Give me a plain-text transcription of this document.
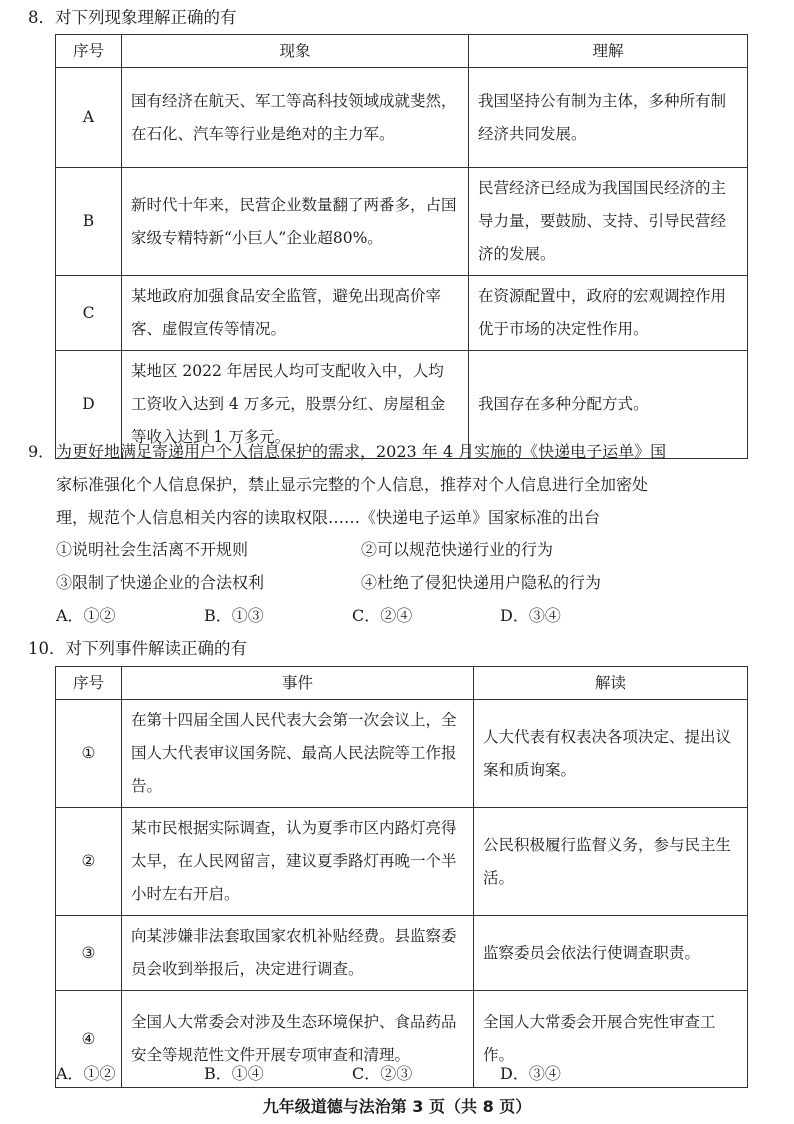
8．对下列现象理解正确的有
序号	现象	理解
A	国有经济在航天、军工等高科技领域成就斐然，在石化、汽车等行业是绝对的主力军。	我国坚持公有制为主体，多种所有制经济共同发展。
B	新时代十年来，民营企业数量翻了两番多，占国家级专精特新“小巨人”企业超80%。	民营经济已经成为我国国民经济的主导力量，要鼓励、支持、引导民营经济的发展。
C	某地政府加强食品安全监管，避免出现高价宰客、虚假宣传等情况。	在资源配置中，政府的宏观调控作用优于市场的决定性作用。
D	某地区 2022 年居民人均可支配收入中，人均工资收入达到 4 万多元，股票分红、房屋租金等收入达到 1 万多元。	我国存在多种分配方式。
9． 为更好地满足寄递用户个人信息保护的需求，2023 年 4 月实施的《快递电子运单》国
家标准强化个人信息保护，禁止显示完整的个人信息，推荐对个人信息进行全加密处
理，规范个人信息相关内容的读取权限……《快递电子运单》国家标准的出台
①说明社会生活离不开规则	②可以规范快递行业的行为
③限制了快递企业的合法权利	④杜绝了侵犯快递用户隐私的行为
A．①②	B．①③	C．②④	D．③④
10．对下列事件解读正确的有
序号	事件	解读
①	在第十四届全国人民代表大会第一次会议上，全国人大代表审议国务院、最高人民法院等工作报告。	人大代表有权表决各项决定、提出议案和质询案。
②	某市民根据实际调查，认为夏季市区内路灯亮得太早，在人民网留言，建议夏季路灯再晚一个半小时左右开启。	公民积极履行监督义务，参与民主生活。
③	向某涉嫌非法套取国家农机补贴经费。县监察委员会收到举报后，决定进行调查。	监察委员会依法行使调查职责。
④	全国人大常委会对涉及生态环境保护、食品药品安全等规范性文件开展专项审查和清理。	全国人大常委会开展合宪性审查工作。
A．①②	B．①④	C．②③	D．③④
九年级道德与法治第 3 页（共 8 页）
